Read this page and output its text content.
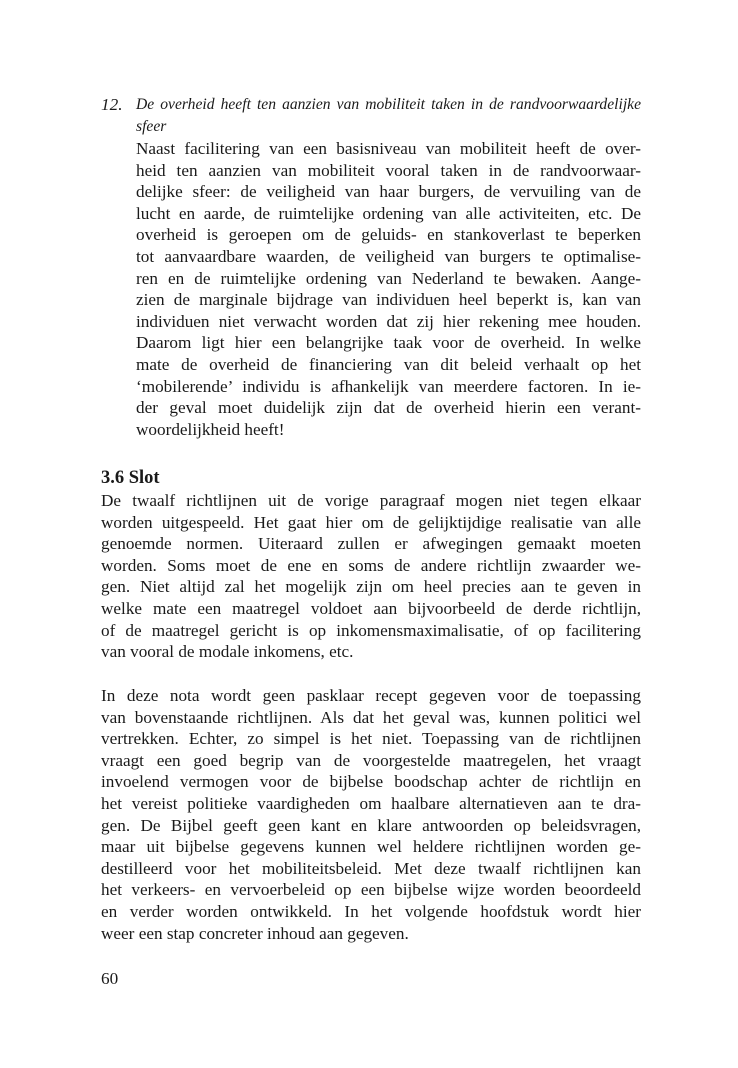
12. De overheid heeft ten aanzien van mobiliteit taken in de randvoorwaardelijke sfeer
Naast facilitering van een basisniveau van mobiliteit heeft de over-
heid ten aanzien van mobiliteit vooral taken in de randvoorwaar-
delijke sfeer: de veiligheid van haar burgers, de vervuiling van de
lucht en aarde, de ruimtelijke ordening van alle activiteiten, etc. De
overheid is geroepen om de geluids- en stankoverlast te beperken
tot aanvaardbare waarden, de veiligheid van burgers te optimalise-
ren en de ruimtelijke ordening van Nederland te bewaken. Aange-
zien de marginale bijdrage van individuen heel beperkt is, kan van
individuen niet verwacht worden dat zij hier rekening mee houden.
Daarom ligt hier een belangrijke taak voor de overheid. In welke
mate de overheid de financiering van dit beleid verhaalt op het
‘mobilerende’ individu is afhankelijk van meerdere factoren. In ie-
der geval moet duidelijk zijn dat de overheid hierin een verant-
woordelijkheid heeft!
3.6 Slot
De twaalf richtlijnen uit de vorige paragraaf mogen niet tegen elkaar
worden uitgespeeld. Het gaat hier om de gelijktijdige realisatie van alle
genoemde normen. Uiteraard zullen er afwegingen gemaakt moeten
worden. Soms moet de ene en soms de andere richtlijn zwaarder we-
gen. Niet altijd zal het mogelijk zijn om heel precies aan te geven in
welke mate een maatregel voldoet aan bijvoorbeeld de derde richtlijn,
of de maatregel gericht is op inkomensmaximalisatie, of op facilitering
van vooral de modale inkomens, etc.
In deze nota wordt geen pasklaar recept gegeven voor de toepassing
van bovenstaande richtlijnen. Als dat het geval was, kunnen politici wel
vertrekken. Echter, zo simpel is het niet. Toepassing van de richtlijnen
vraagt een goed begrip van de voorgestelde maatregelen, het vraagt
invoelend vermogen voor de bijbelse boodschap achter de richtlijn en
het vereist politieke vaardigheden om haalbare alternatieven aan te dra-
gen. De Bijbel geeft geen kant en klare antwoorden op beleidsvragen,
maar uit bijbelse gegevens kunnen wel heldere richtlijnen worden ge-
destilleerd voor het mobiliteitsbeleid. Met deze twaalf richtlijnen kan
het verkeers- en vervoerbeleid op een bijbelse wijze worden beoordeeld
en verder worden ontwikkeld. In het volgende hoofdstuk wordt hier
weer een stap concreter inhoud aan gegeven.
60
